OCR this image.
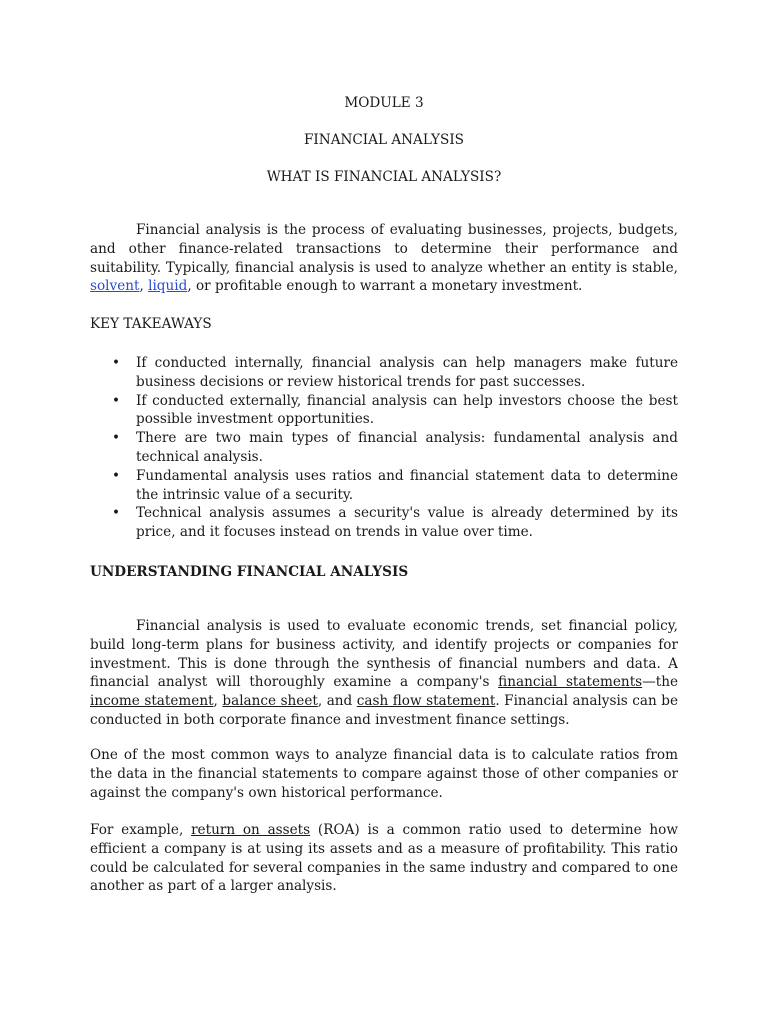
MODULE 3
FINANCIAL ANALYSIS
WHAT IS FINANCIAL ANALYSIS?

Financial analysis is the process of evaluating businesses, projects, budgets, and other finance-related transactions to determine their performance and suitability. Typically, financial analysis is used to analyze whether an entity is stable, solvent, liquid, or profitable enough to warrant a monetary investment.

KEY TAKEAWAYS
• If conducted internally, financial analysis can help managers make future business decisions or review historical trends for past successes.
• If conducted externally, financial analysis can help investors choose the best possible investment opportunities.
• There are two main types of financial analysis: fundamental analysis and technical analysis.
• Fundamental analysis uses ratios and financial statement data to determine the intrinsic value of a security.
• Technical analysis assumes a security's value is already determined by its price, and it focuses instead on trends in value over time.
UNDERSTANDING FINANCIAL ANALYSIS

Financial analysis is used to evaluate economic trends, set financial policy, build long-term plans for business activity, and identify projects or companies for investment. This is done through the synthesis of financial numbers and data. A financial analyst will thoroughly examine a company's financial statements—the income statement, balance sheet, and cash flow statement. Financial analysis can be conducted in both corporate finance and investment finance settings.

One of the most common ways to analyze financial data is to calculate ratios from the data in the financial statements to compare against those of other companies or against the company's own historical performance.

For example, return on assets (ROA) is a common ratio used to determine how efficient a company is at using its assets and as a measure of profitability. This ratio could be calculated for several companies in the same industry and compared to one another as part of a larger analysis.
